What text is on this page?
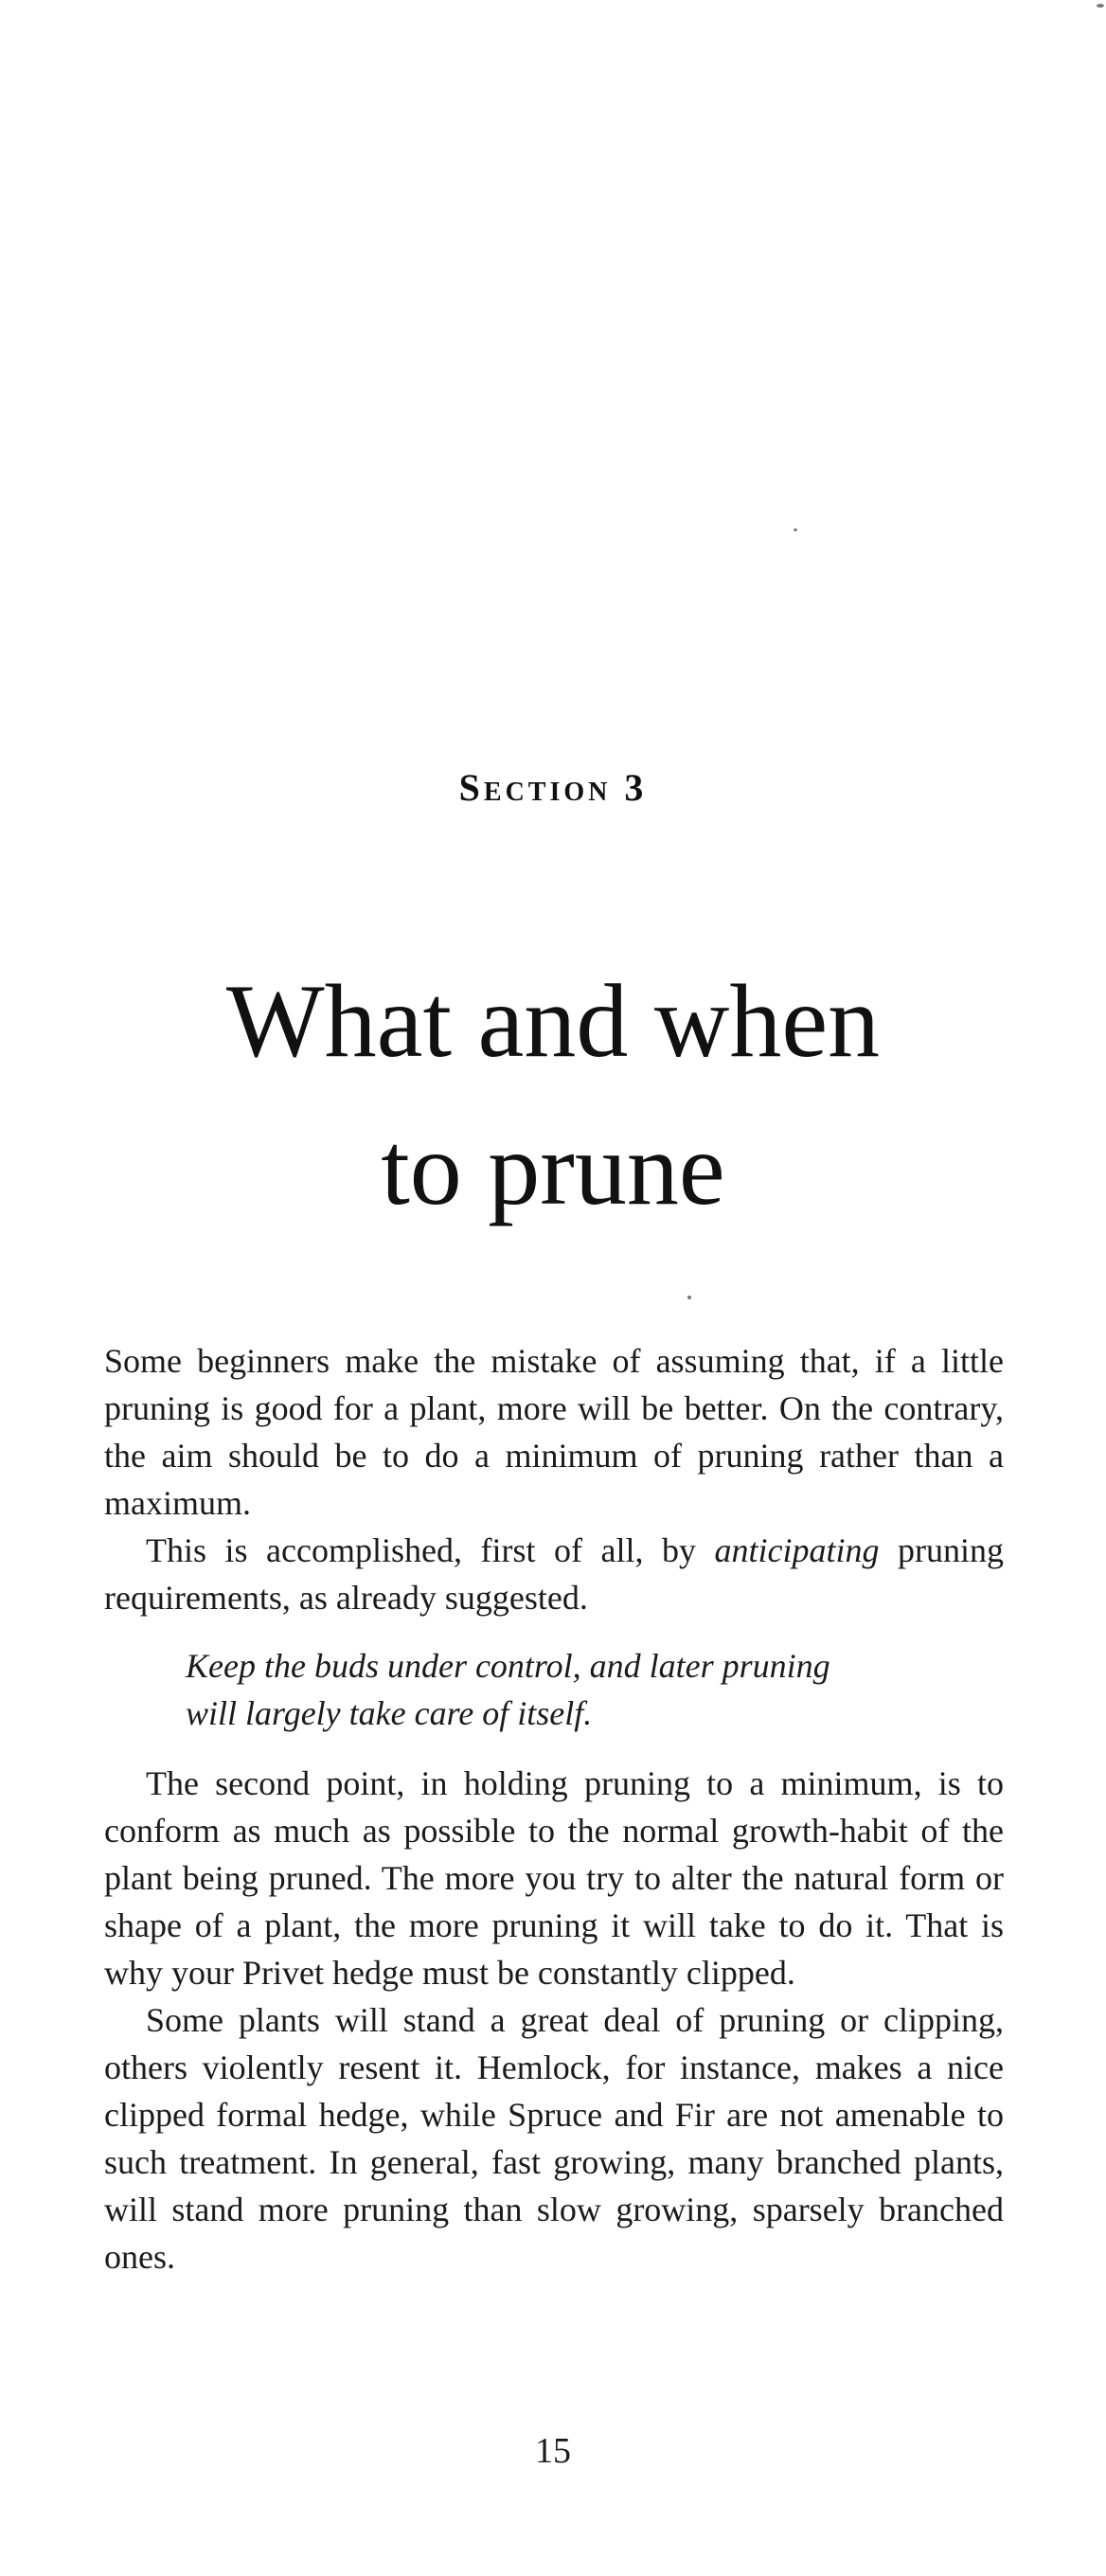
Section 3
What and when
to prune

Some beginners make the mistake of assuming that, if a little pruning is good for a plant, more will be better. On the contrary, the aim should be to do a minimum of pruning rather than a maximum.

This is accomplished, first of all, by anticipating pruning requirements, as already suggested.

Keep the buds under control, and later pruning
will largely take care of itself.

The second point, in holding pruning to a minimum, is to conform as much as possible to the normal growth-habit of the plant being pruned. The more you try to alter the natural form or shape of a plant, the more pruning it will take to do it. That is why your Privet hedge must be constantly clipped.

Some plants will stand a great deal of pruning or clipping, others violently resent it. Hemlock, for instance, makes a nice clipped formal hedge, while Spruce and Fir are not amenable to such treatment. In general, fast growing, many branched plants, will stand more pruning than slow growing, sparsely branched ones.

15
